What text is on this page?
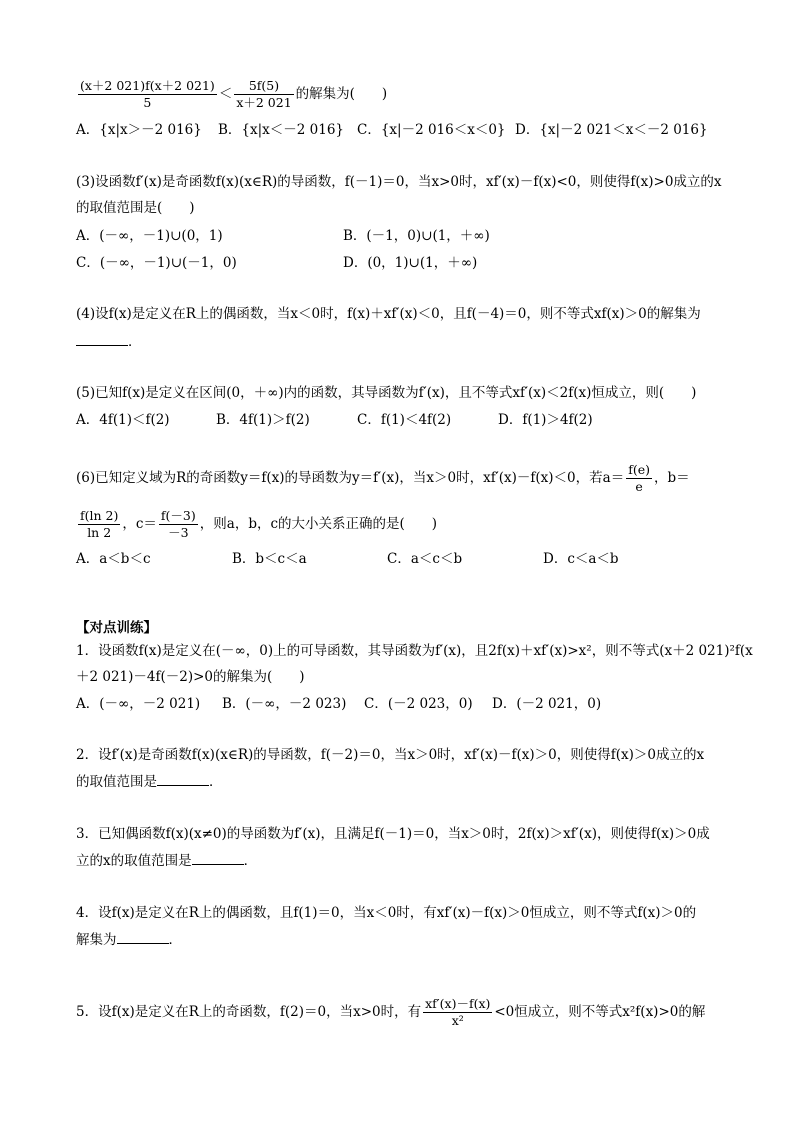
$\frac{(x+2 021)f(x+2 021)}{5} < \frac{5f(5)}{x+2 021}$ 的解集为(　　)
A．{x|x＞－2 016} B．{x|x＜－2 016} C．{x|－2 016＜x＜0} D．{x|－2 021＜x＜－2 016}
(3)设函数f′(x)是奇函数f(x)(x∈R)的导函数，f(－1)＝0，当x>0时，xf′(x)－f(x)<0，则使得f(x)>0成立的x
的取值范围是(　　)
A．(－∞，－1)∪(0，1)	B．(－1，0)∪(1，＋∞)
C．(－∞，－1)∪(－1，0)	D．(0，1)∪(1，＋∞)
(4)设f(x)是定义在R上的偶函数，当x＜0时，f(x)＋xf′(x)＜0，且f(－4)＝0，则不等式xf(x)＞0的解集为
．
(5)已知f(x)是定义在区间(0，＋∞)内的函数，其导函数为f′(x)，且不等式xf′(x)＜2f(x)恒成立，则(　　)
A．4f(1)＜f(2)	B．4f(1)＞f(2)	C．f(1)＜4f(2)	D．f(1)＞4f(2)
(6)已知定义域为R的奇函数y＝f(x)的导函数为y＝f′(x)，当x＞0时，xf′(x)－f(x)＜0，若$a= \frac{f(e)}{e}$ ，b＝
$\frac{f(\ln 2)}{\ln 2}$ ，$c= \frac{f(-3)}{-3}$ ，则a，b，c的大小关系正确的是(　　)
A．a＜b＜c	B．b＜c＜a	C．a＜c＜b	D．c＜a＜b
【对点训练】
1．设函数f(x)是定义在(－∞，0)上的可导函数，其导函数为f′(x)，且2f(x)＋xf′(x)>x²，则不等式(x＋2 021)²f(x
＋2 021)－4f(－2)>0的解集为(　　)
A．(－∞，－2 021) B．(－∞，－2 023) C．(－2 023，0) D．(－2 021，0)
2．设f′(x)是奇函数f(x)(x∈R)的导函数，f(－2)＝0，当x＞0时，xf′(x)－f(x)＞0，则使得f(x)＞0成立的x
的取值范围是	．
3．已知偶函数f(x)(x≠0)的导函数为f′(x)，且满足f(－1)＝0，当x＞0时，2f(x)＞xf′(x)，则使得f(x)＞0成
立的x的取值范围是	．
4．设f(x)是定义在R上的偶函数，且f(1)＝0，当x＜0时，有xf′(x)－f(x)＞0恒成立，则不等式f(x)＞0的
解集为	．
5．设f(x)是定义在R上的奇函数，f(2)＝0，当x>0时，有 $\frac{xf'(x)-f(x)}{\text{x²}} <0$恒成立，则不等式x²f(x)>0的解
